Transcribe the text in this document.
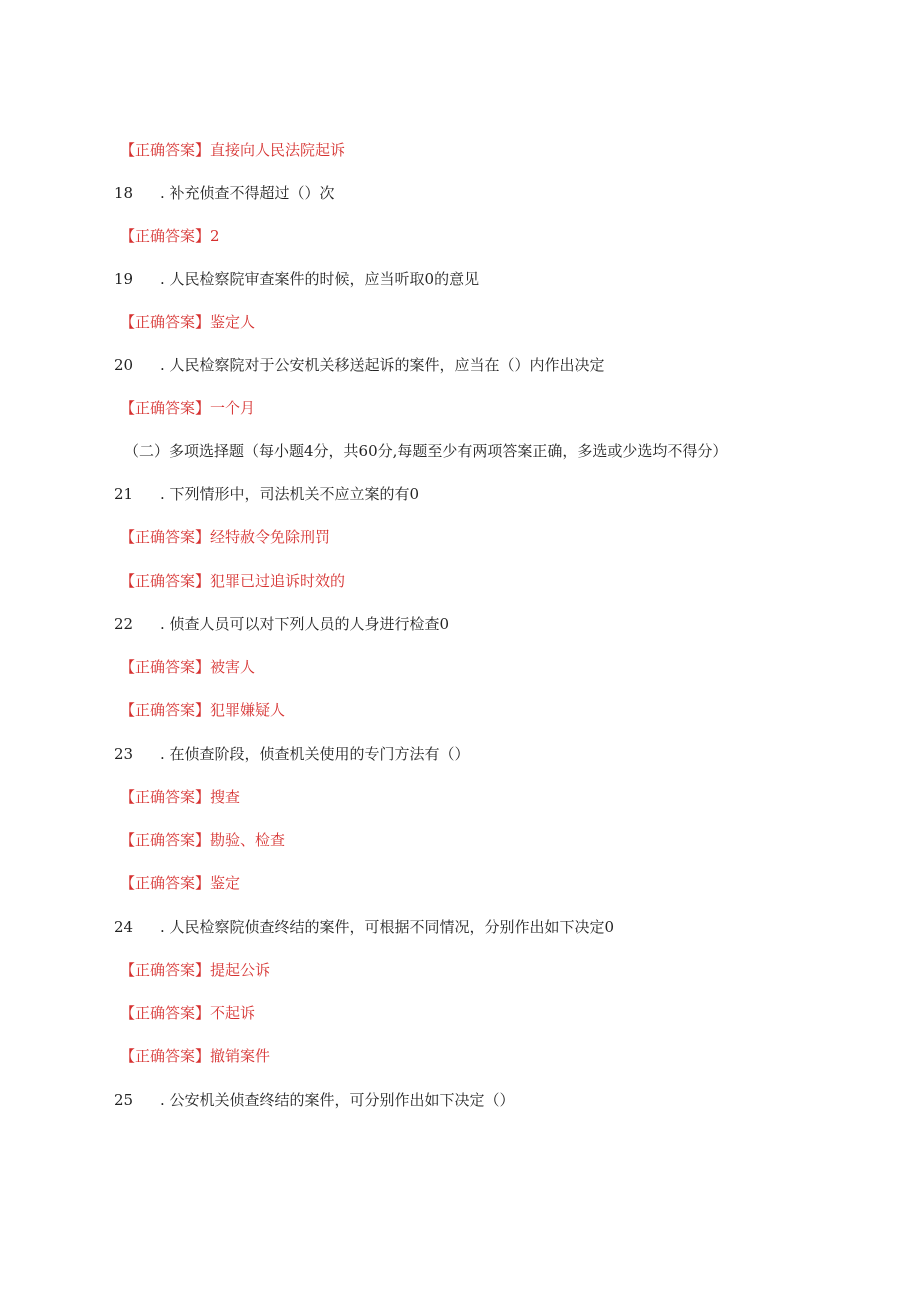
【正确答案】直接向人民法院起诉
18 . 补充侦查不得超过（）次
【正确答案】2
19 . 人民检察院审查案件的时候，应当听取0的意见
【正确答案】鉴定人
20 . 人民检察院对于公安机关移送起诉的案件，应当在（）内作出决定
【正确答案】一个月
（二）多项选择题（每小题4分，共60分,每题至少有两项答案正确，多选或少选均不得分）
21 . 下列情形中，司法机关不应立案的有0
【正确答案】经特赦令免除刑罚
【正确答案】犯罪已过追诉时效的
22 . 侦查人员可以对下列人员的人身进行检查0
【正确答案】被害人
【正确答案】犯罪嫌疑人
23 . 在侦查阶段，侦查机关使用的专门方法有（）
【正确答案】搜查
【正确答案】勘验、检查
【正确答案】鉴定
24 . 人民检察院侦查终结的案件，可根据不同情况，分别作出如下决定0
【正确答案】提起公诉
【正确答案】不起诉
【正确答案】撤销案件
25 . 公安机关侦查终结的案件，可分别作出如下决定（）
